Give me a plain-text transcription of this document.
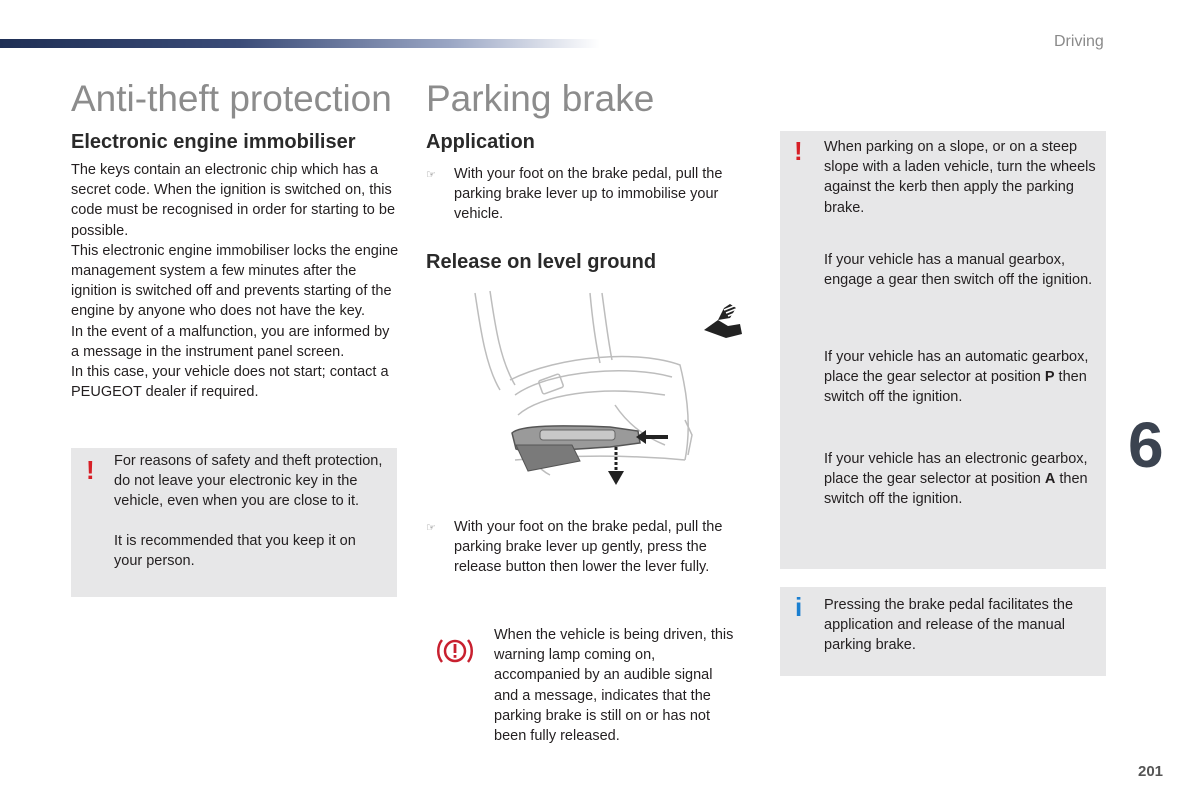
Driving
6
201
Anti-theft protection
Electronic engine immobiliser

The keys contain an electronic chip which has a secret code. When the ignition is switched on, this code must be recognised in order for starting to be possible.

This electronic engine immobiliser locks the engine management system a few minutes after the ignition is switched off and prevents starting of the engine by anyone who does not have the key.

In the event of a malfunction, you are informed by a message in the instrument panel screen.

In this case, your vehicle does not start; contact a PEUGEOT dealer if required.

! For reasons of safety and theft protection, do not leave your electronic key in the vehicle, even when you are close to it.

It is recommended that you keep it on your person.

Parking brake
Application
☞ With your foot on the brake pedal, pull the parking brake lever up to immobilise your vehicle.
Release on level ground
☞ With your foot on the brake pedal, pull the parking brake lever up gently, press the release button then lower the lever fully.
When the vehicle is being driven, this warning lamp coming on, accompanied by an audible signal and a message, indicates that the parking brake is still on or has not been fully released.
! When parking on a slope, or on a steep slope with a laden vehicle, turn the wheels against the kerb then apply the parking brake.
If your vehicle has a manual gearbox, engage a gear then switch off the ignition.
If your vehicle has an automatic gearbox, place the gear selector at position P then switch off the ignition.
If your vehicle has an electronic gearbox, place the gear selector at position A then switch off the ignition.
i Pressing the brake pedal facilitates the application and release of the manual parking brake.
